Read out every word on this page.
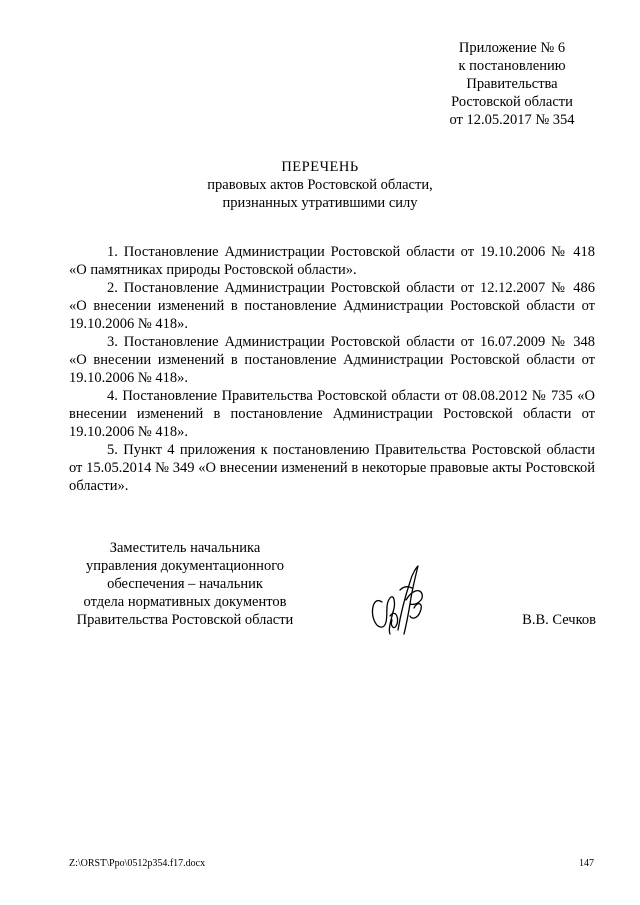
Приложение № 6
к постановлению
Правительства
Ростовской области
от 12.05.2017 № 354
ПЕРЕЧЕНЬ
правовых актов Ростовской области,
признанных утратившими силу

1. Постановление Администрации Ростовской области от 19.10.2006 № 418 «О памятниках природы Ростовской области».

2. Постановление Администрации Ростовской области от 12.12.2007 № 486 «О внесении изменений в постановление Администрации Ростовской области от 19.10.2006 № 418».

3. Постановление Администрации Ростовской области от 16.07.2009 № 348 «О внесении изменений в постановление Администрации Ростовской области от 19.10.2006 № 418».

4. Постановление Правительства Ростовской области от 08.08.2012 № 735 «О внесении изменений в постановление Администрации Ростовской области от 19.10.2006 № 418».

5. Пункт 4 приложения к постановлению Правительства Ростовской области от 15.05.2014 № 349 «О внесении изменений в некоторые правовые акты Ростовской области».

Заместитель начальника
управления документационного
обеспечения – начальник
отдела нормативных документов
Правительства Ростовской области	В.В. Сечков
Z:\ORST\Ppo\0512p354.f17.docx	147
